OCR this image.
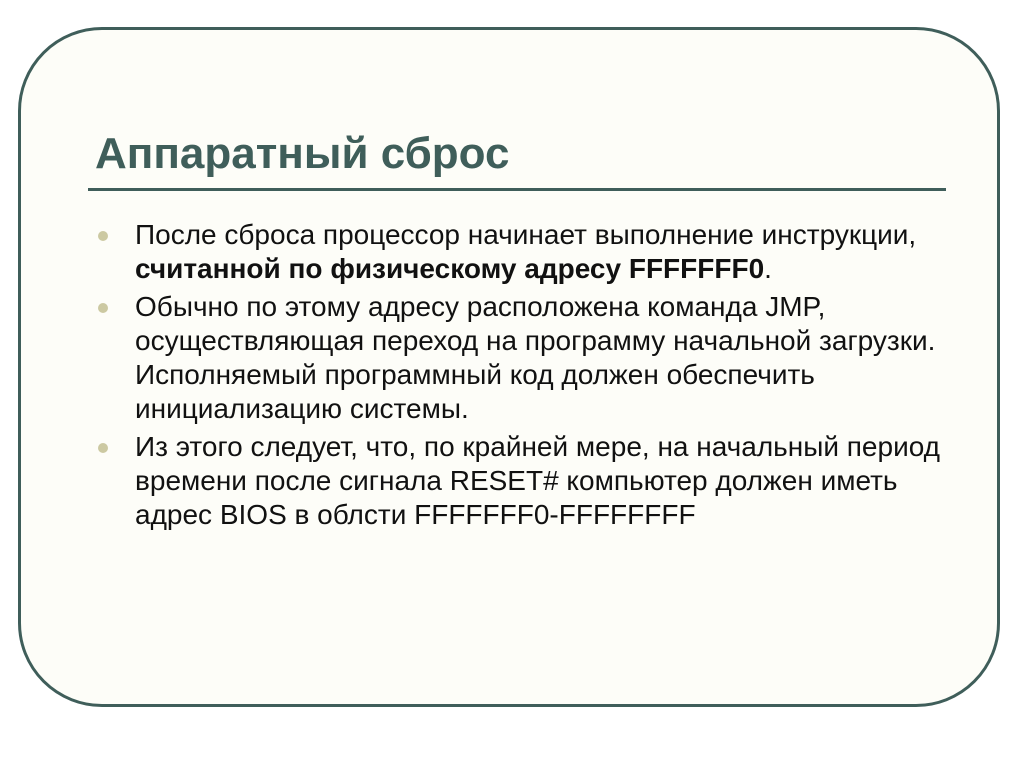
Аппаратный сброс
После сброса процессор начинает выполнение инструкции, считанной по физическому адресу FFFFFFF0.
Обычно по этому адресу расположена команда JMP, осуществляющая переход на программу начальной загрузки. Исполняемый программный код должен обеспечить инициализацию системы.
Из этого следует, что, по крайней мере, на начальный период времени после сигнала RESET# компьютер должен иметь адрес BIOS в облсти FFFFFFF0-FFFFFFFF
